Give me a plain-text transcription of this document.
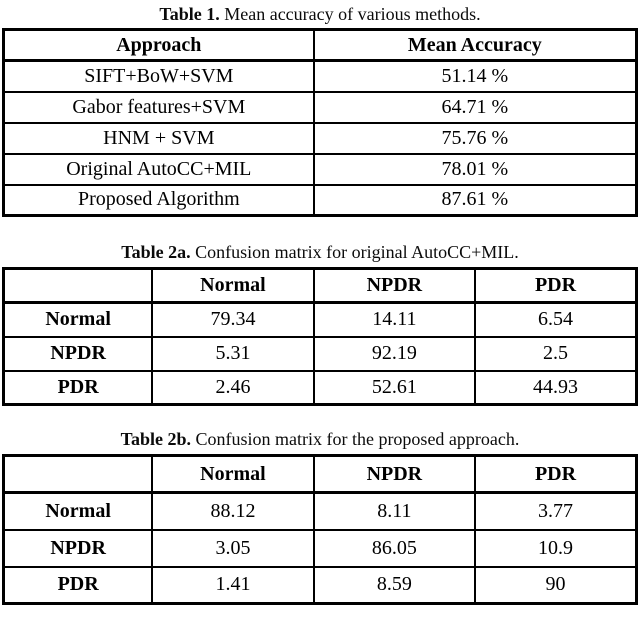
Table 1. Mean accuracy of various methods.
Approach	Mean Accuracy
SIFT+BoW+SVM	51.14 %
Gabor features+SVM	64.71 %
HNM + SVM	75.76 %
Original AutoCC+MIL	78.01 %
Proposed Algorithm	87.61 %
Table 2a. Confusion matrix for original AutoCC+MIL.
	Normal	NPDR	PDR
Normal	79.34	14.11	6.54
NPDR	5.31	92.19	2.5
PDR	2.46	52.61	44.93
Table 2b. Confusion matrix for the proposed approach.
	Normal	NPDR	PDR
Normal	88.12	8.11	3.77
NPDR	3.05	86.05	10.9
PDR	1.41	8.59	90
